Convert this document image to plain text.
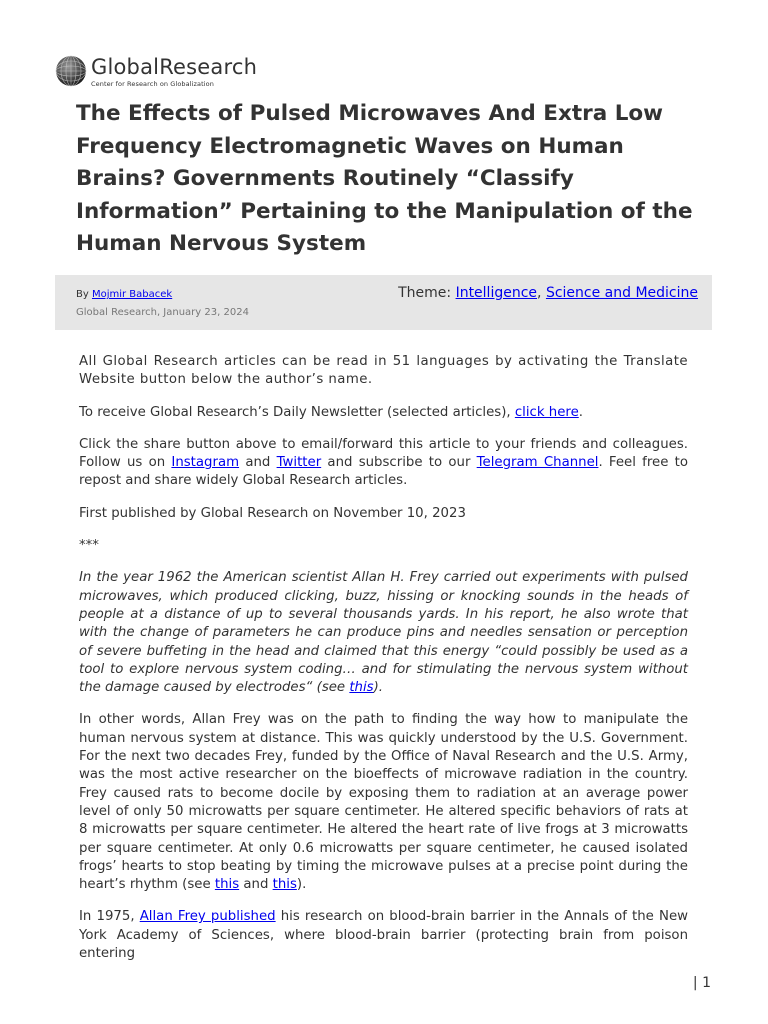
GlobalResearch
Center for Research on Globalization
The Effects of Pulsed Microwaves And Extra Low Frequency Electromagnetic Waves on Human Brains? Governments Routinely “Classify Information” Pertaining to the Manipulation of the Human Nervous System
By Mojmir Babacek
Global Research, January 23, 2024
Theme: Intelligence, Science and Medicine

All Global Research articles can be read in 51 languages by activating the Translate Website button below the author’s name.

To receive Global Research’s Daily Newsletter (selected articles), click here.

Click the share button above to email/forward this article to your friends and colleagues. Follow us on Instagram and Twitter and subscribe to our Telegram Channel. Feel free to repost and share widely Global Research articles.

First published by Global Research on November 10, 2023

***

In the year 1962 the American scientist Allan H. Frey carried out experiments with pulsed microwaves, which produced clicking, buzz, hissing or knocking sounds in the heads of people at a distance of up to several thousands yards. In his report, he also wrote that with the change of parameters he can produce pins and needles sensation or perception of severe buffeting in the head and claimed that this energy “could possibly be used as a tool to explore nervous system coding… and for stimulating the nervous system without the damage caused by electrodes“ (see this).

In other words, Allan Frey was on the path to finding the way how to manipulate the human nervous system at distance. This was quickly understood by the U.S. Government. For the next two decades Frey, funded by the Office of Naval Research and the U.S. Army, was the most active researcher on the bioeffects of microwave radiation in the country. Frey caused rats to become docile by exposing them to radiation at an average power level of only 50 microwatts per square centimeter. He altered specific behaviors of rats at 8 microwatts per square centimeter. He altered the heart rate of live frogs at 3 microwatts per square centimeter. At only 0.6 microwatts per square centimeter, he caused isolated frogs’ hearts to stop beating by timing the microwave pulses at a precise point during the heart’s rhythm (see this and this).

In 1975, Allan Frey published his research on blood-brain barrier in the Annals of the New York Academy of Sciences, where blood-brain barrier (protecting brain from poison entering

| 1
